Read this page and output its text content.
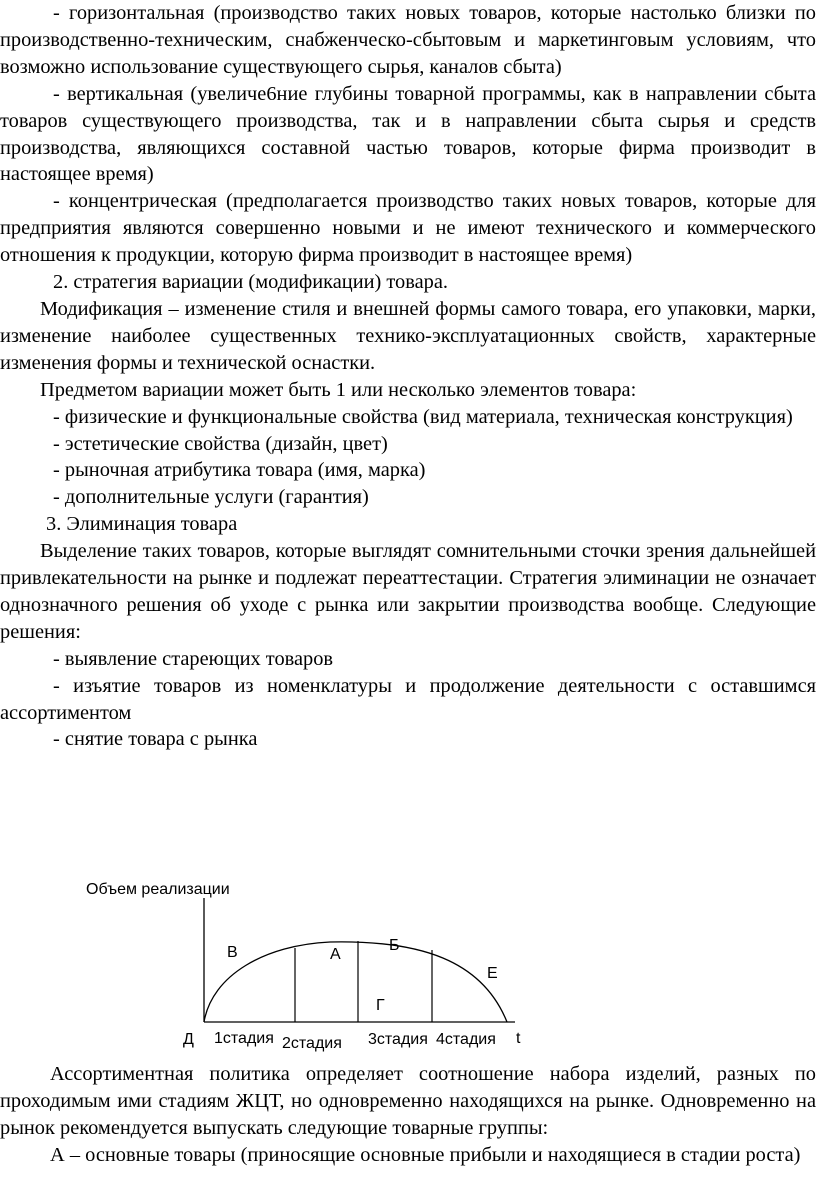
- горизонтальная (производство таких новых товаров, которые настолько близки по производственно-техническим, снабженческо-сбытовым и маркетинговым условиям, что возможно использование существующего сырья, каналов сбыта)

- вертикальная (увеличе6ние глубины товарной программы, как в направлении сбыта товаров существующего производства, так и в направлении сбыта сырья и средств производства, являющихся составной частью товаров, которые фирма производит в настоящее время)

- концентрическая (предполагается производство таких новых товаров, которые для предприятия являются совершенно новыми и не имеют технического и коммерческого отношения к продукции, которую фирма производит в настоящее время)

2. стратегия вариации (модификации) товара.

Модификация – изменение стиля и внешней формы самого товара, его упаковки, марки, изменение наиболее существенных технико-эксплуатационных свойств, характерные изменения формы и технической оснастки.

Предметом вариации может быть 1 или несколько элементов товара:

- физические и функциональные свойства (вид материала, техническая конструкция)

- эстетические свойства (дизайн, цвет)

- рыночная атрибутика товара (имя, марка)

- дополнительные услуги (гарантия)

3. Элиминация товара

Выделение таких товаров, которые выглядят сомнительными сточки зрения дальнейшей привлекательности на рынке и подлежат переаттестации. Стратегия элиминации не означает однозначного решения об уходе с рынка или закрытии производства вообще. Следующие решения:

- выявление стареющих товаров

- изъятие товаров из номенклатуры и продолжение деятельности с оставшимся ассортиментом

- снятие товара с рынка

Объем реализации
В	А
Б
Е
Г
Д 1стадия 2стадия 3стадия 4стадия t

Ассортиментная политика определяет соотношение набора изделий, разных по проходимым ими стадиям ЖЦТ, но одновременно находящихся на рынке. Одновременно на рынок рекомендуется выпускать следующие товарные группы:

А – основные товары (приносящие основные прибыли и находящиеся в стадии роста)
